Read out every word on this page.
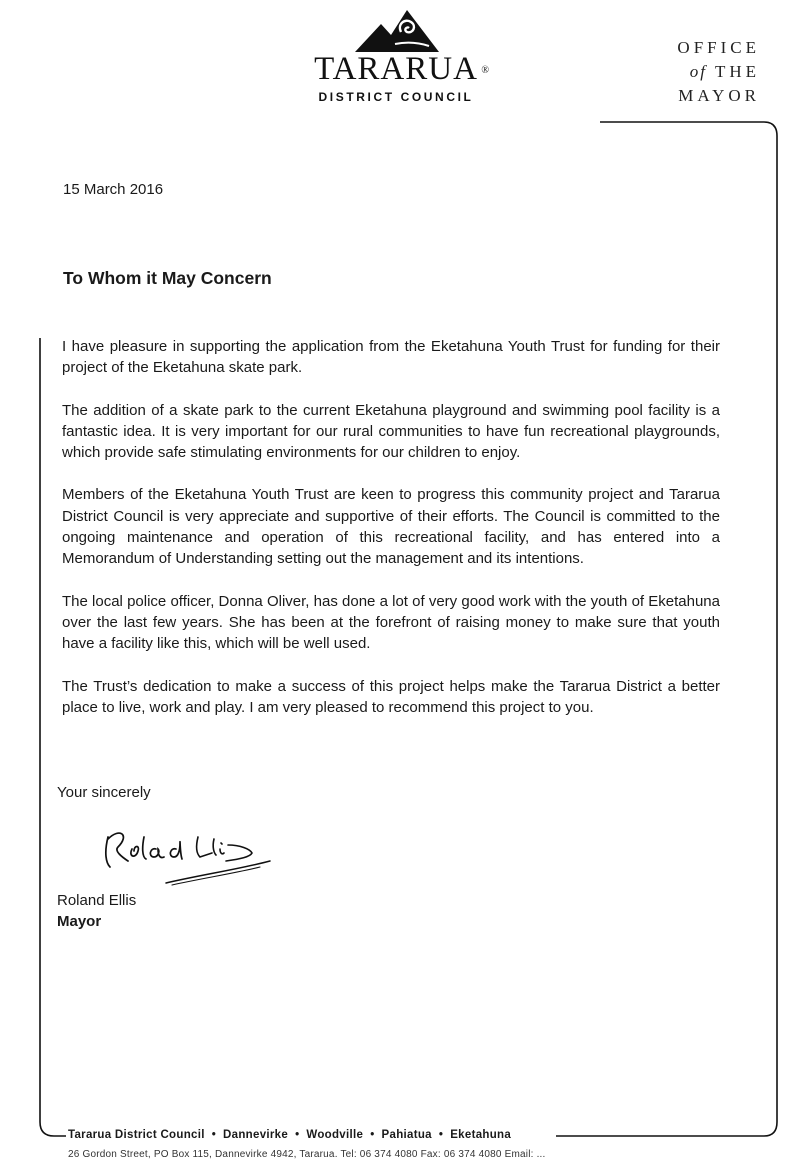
TARARUA ®
DISTRICT COUNCIL
OFFICE
of THE
MAYOR
15 March 2016
To Whom it May Concern

I have pleasure in supporting the application from the Eketahuna Youth Trust for funding for their project of the Eketahuna skate park.

The addition of a skate park to the current Eketahuna playground and swimming pool facility is a fantastic idea. It is very important for our rural communities to have fun recreational playgrounds, which provide safe stimulating environments for our children to enjoy.

Members of the Eketahuna Youth Trust are keen to progress this community project and Tararua District Council is very appreciate and supportive of their efforts. The Council is committed to the ongoing maintenance and operation of this recreational facility, and has entered into a Memorandum of Understanding setting out the management and its intentions.

The local police officer, Donna Oliver, has done a lot of very good work with the youth of Eketahuna over the last few years. She has been at the forefront of raising money to make sure that youth have a facility like this, which will be well used.

The Trust’s dedication to make a success of this project helps make the Tararua District a better place to live, work and play. I am very pleased to recommend this project to you.

Your sincerely
Roland Ellis
Mayor
Tararua District Council • Dannevirke • Woodville • Pahiatua • Eketahuna
26 Gordon Street, PO Box 115, Dannevirke 4942, Tararua. Tel: 06 374 4080 Fax: 06 374 4080 Email: ...
